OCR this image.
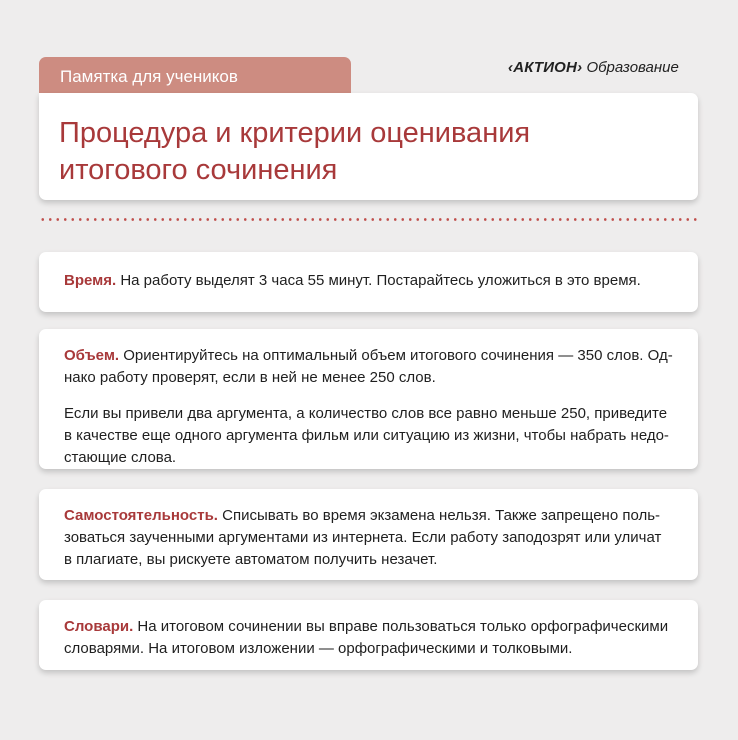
Памятка для учеников	‹АКТИОН› Образование
Процедура и критерии оценивания
итогового сочинения

Время. На работу выделят 3 часа 55 минут. Постарайтесь уложиться в это время.

Объем. Ориентируйтесь на оптимальный объем итогового сочинения — 350 слов. Од-
нако работу проверят, если в ней не менее 250 слов.

Если вы привели два аргумента, а количество слов все равно меньше 250, приведите
в качестве еще одного аргумента фильм или ситуацию из жизни, чтобы набрать недо-
стающие слова.

Самостоятельность. Списывать во время экзамена нельзя. Также запрещено поль-
зоваться заученными аргументами из интернета. Если работу заподозрят или уличат
в плагиате, вы рискуете автоматом получить незачет.

Словари. На итоговом сочинении вы вправе пользоваться только орфографическими
словарями. На итоговом изложении — орфографическими и толковыми.
